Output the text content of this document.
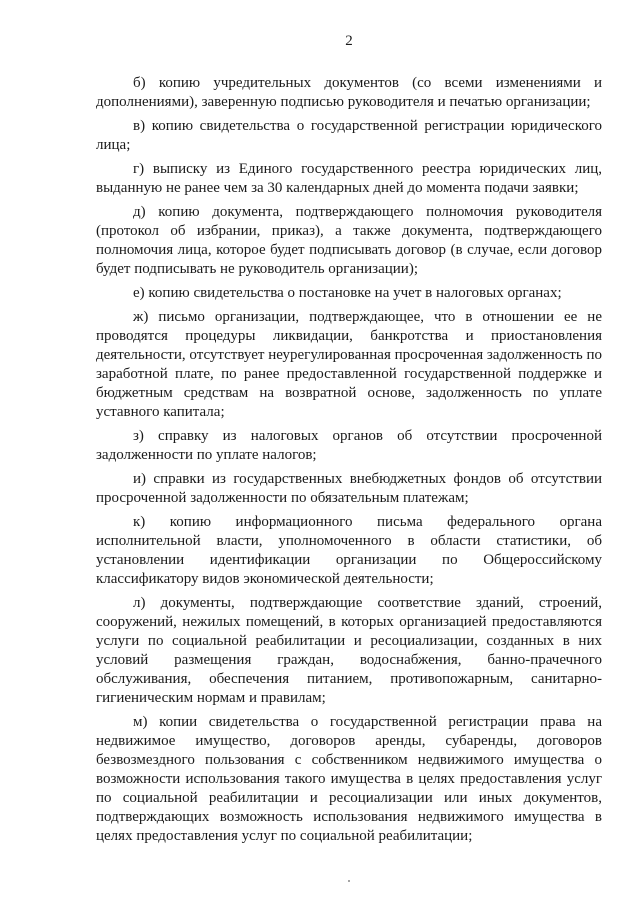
2

б) копию учредительных документов (со всеми изменениями и дополнениями), заверенную подписью руководителя и печатью организации;

в) копию свидетельства о государственной регистрации юридического лица;

г) выписку из Единого государственного реестра юридических лиц, выданную не ранее чем за 30 календарных дней до момента подачи заявки;

д) копию документа, подтверждающего полномочия руководителя (протокол об избрании, приказ), а также документа, подтверждающего полномочия лица, которое будет подписывать договор (в случае, если договор будет подписывать не руководитель организации);

е) копию свидетельства о постановке на учет в налоговых органах;

ж) письмо организации, подтверждающее, что в отношении ее не проводятся процедуры ликвидации, банкротства и приостановления деятельности, отсутствует неурегулированная просроченная задолженность по заработной плате, по ранее предоставленной государственной поддержке и бюджетным средствам на возвратной основе, задолженность по уплате уставного капитала;

з) справку из налоговых органов об отсутствии просроченной задолженности по уплате налогов;

и) справки из государственных внебюджетных фондов об отсутствии просроченной задолженности по обязательным платежам;

к) копию информационного письма федерального органа исполнительной власти, уполномоченного в области статистики, об установлении идентификации организации по Общероссийскому классификатору видов экономической деятельности;

л) документы, подтверждающие соответствие зданий, строений, сооружений, нежилых помещений, в которых организацией предоставляются услуги по социальной реабилитации и ресоциализации, созданных в них условий размещения граждан, водоснабжения, банно-прачечного обслуживания, обеспечения питанием, противопожарным, санитарно-гигиеническим нормам и правилам;

м) копии свидетельства о государственной регистрации права на недвижимое имущество, договоров аренды, субаренды, договоров безвозмездного пользования с собственником недвижимого имущества о возможности использования такого имущества в целях предоставления услуг по социальной реабилитации и ресоциализации или иных документов, подтверждающих возможность использования недвижимого имущества в целях предоставления услуг по социальной реабилитации;
